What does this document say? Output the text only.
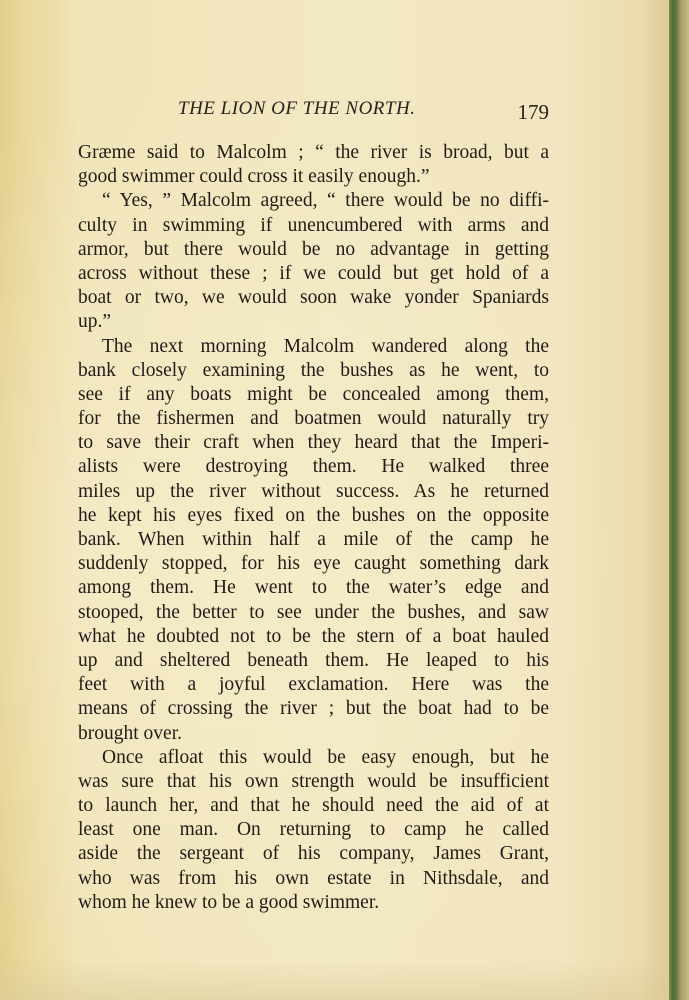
THE LION OF THE NORTH.	179
Græme said to Malcolm ; “ the river is broad, but a
good swimmer could cross it easily enough.”
“ Yes, ” Malcolm agreed, “ there would be no diffi-
culty in swimming if unencumbered with arms and
armor, but there would be no advantage in getting
across without these ; if we could but get hold of a
boat or two, we would soon wake yonder Spaniards
up.”
The next morning Malcolm wandered along the
bank closely examining the bushes as he went, to
see if any boats might be concealed among them,
for the fishermen and boatmen would naturally try
to save their craft when they heard that the Imperi-
alists were destroying them. He walked three
miles up the river without success. As he returned
he kept his eyes fixed on the bushes on the opposite
bank. When within half a mile of the camp he
suddenly stopped, for his eye caught something dark
among them. He went to the water’s edge and
stooped, the better to see under the bushes, and saw
what he doubted not to be the stern of a boat hauled
up and sheltered beneath them. He leaped to his
feet with a joyful exclamation. Here was the
means of crossing the river ; but the boat had to be
brought over.
Once afloat this would be easy enough, but he
was sure that his own strength would be insufficient
to launch her, and that he should need the aid of at
least one man. On returning to camp he called
aside the sergeant of his company, James Grant,
who was from his own estate in Nithsdale, and
whom he knew to be a good swimmer.
